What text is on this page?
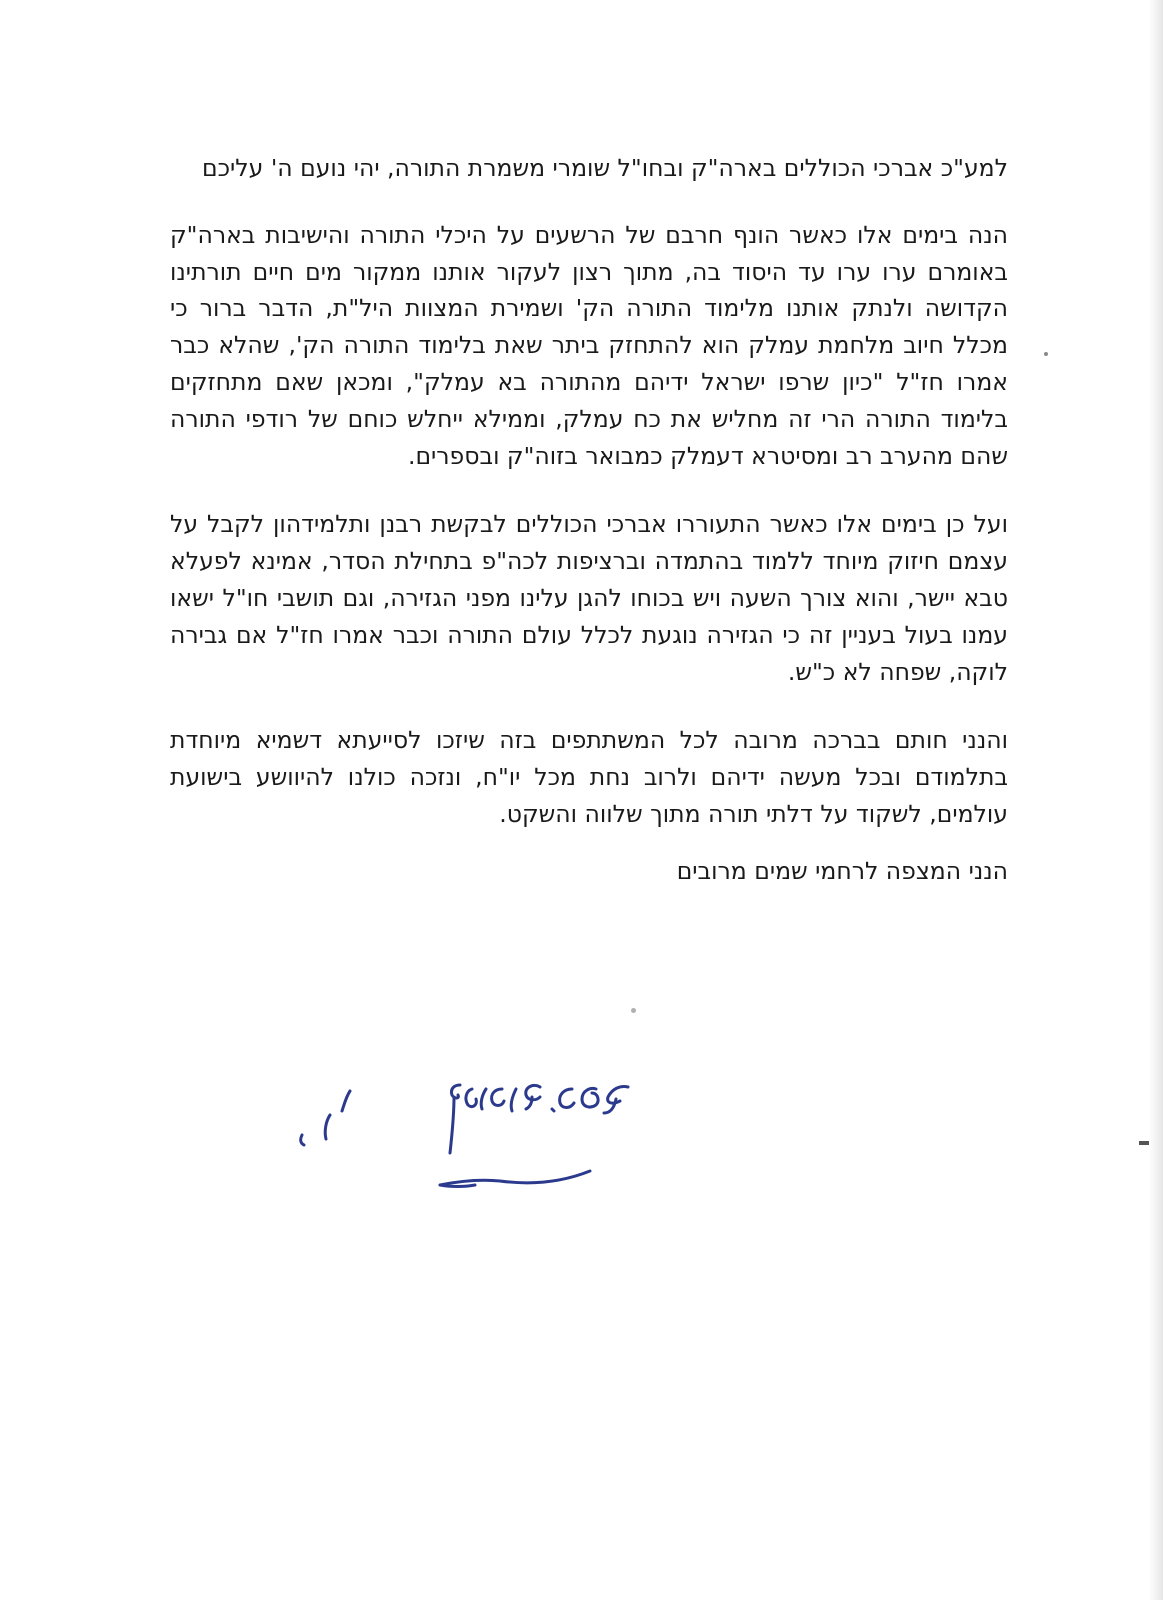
למע"כ אברכי הכוללים בארה"ק ובחו"ל שומרי משמרת התורה, יהי נועם ה' עליכם

הנה בימים אלו כאשר הונף חרבם של הרשעים על היכלי התורה והישיבות בארה"ק באומרם ערו ערו עד היסוד בה, מתוך רצון לעקור אותנו ממקור מים חיים תורתינו הקדושה ולנתק אותנו מלימוד התורה הק' ושמירת המצוות היל"ת, הדבר ברור כי מכלל חיוב מלחמת עמלק הוא להתחזק ביתר שאת בלימוד התורה הק', שהלא כבר אמרו חז"ל "כיון שרפו ישראל ידיהם מהתורה בא עמלק", ומכאן שאם מתחזקים בלימוד התורה הרי זה מחליש את כח עמלק, וממילא ייחלש כוחם של רודפי התורה שהם מהערב רב ומסיטרא דעמלק כמבואר בזוה"ק ובספרים.

ועל כן בימים אלו כאשר התעוררו אברכי הכוללים לבקשת רבנן ותלמידהון לקבל על עצמם חיזוק מיוחד ללמוד בהתמדה וברציפות לכה"פ בתחילת הסדר, אמינא לפעלא טבא יישר, והוא צורך השעה ויש בכוחו להגן עלינו מפני הגזירה, וגם תושבי חו"ל ישאו עמנו בעול בעניין זה כי הגזירה נוגעת לכלל עולם התורה וכבר אמרו חז"ל אם גבירה לוקה, שפחה לא כ"ש.

והנני חותם בברכה מרובה לכל המשתתפים בזה שיזכו לסייעתא דשמיא מיוחדת בתלמודם ובכל מעשה ידיהם ולרוב נחת מכל יו"ח, ונזכה כולנו להיוושע בישועת עולמים, לשקוד על דלתי תורה מתוך שלווה והשקט.

הנני המצפה לרחמי שמים מרובים
